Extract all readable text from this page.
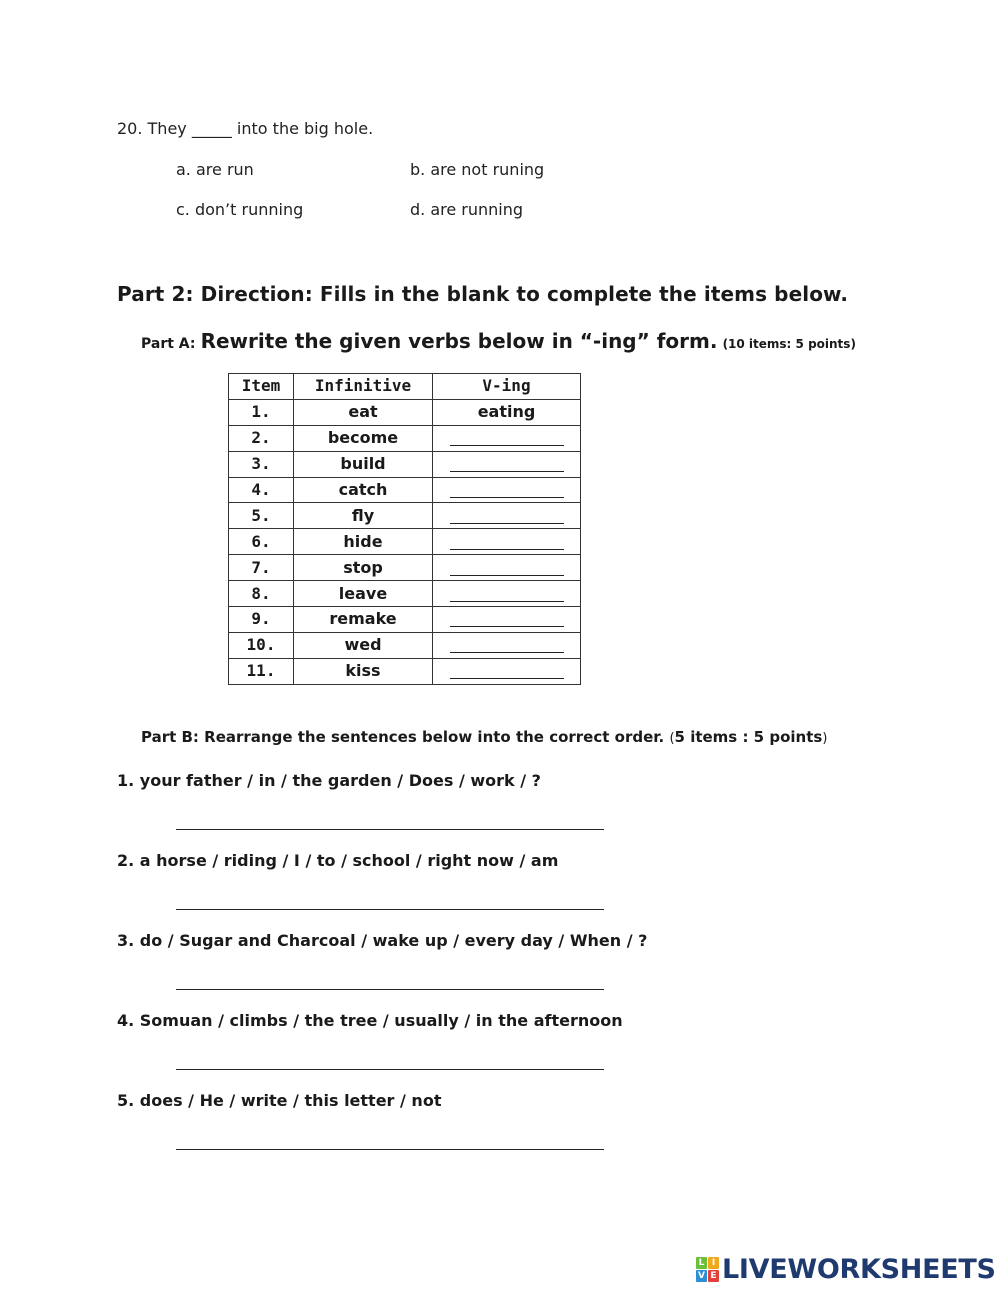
20. They _____ into the big hole.
a. are run	b. are not runing
c. don’t running	d. are running
Part 2: Direction: Fills in the blank to complete the items below.
Part A: Rewrite the given verbs below in “-ing” form. (10 items: 5 points)
Item	Infinitive	V-ing
1.	eat	eating
2.	become	
3.	build	
4.	catch	
5.	fly	
6.	hide	
7.	stop	
8.	leave	
9.	remake	
10.	wed	
11.	kiss	
Part B: Rearrange the sentences below into the correct order. (5 items : 5 points)
1. your father / in / the garden / Does / work / ?
2. a horse / riding / I / to / school / right now / am
3. do / Sugar and Charcoal / wake up / every day / When / ?
4. Somuan / climbs / the tree / usually / in the afternoon
5. does / He / write / this letter / not
L I
V E LIVEWORKSHEETS
